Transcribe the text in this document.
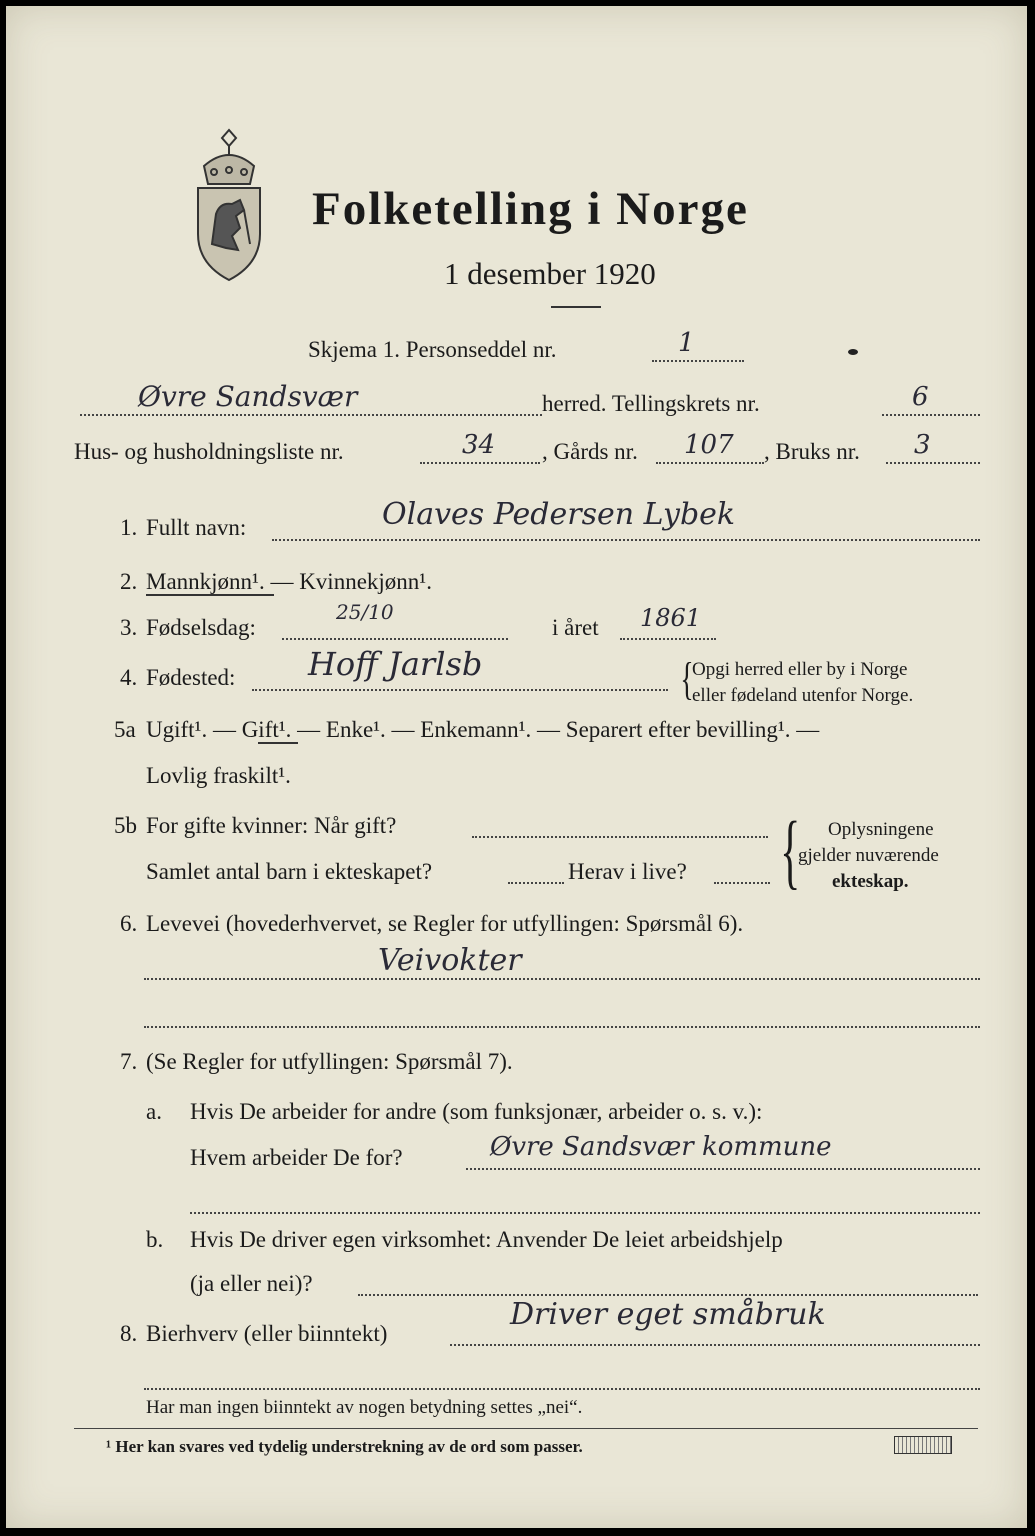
Folketelling i Norge
1 desember 1920
Skjema 1. Personseddel nr.	1
Øvre Sandsvær	herred. Tellingskrets nr.	6
Hus- og husholdningsliste nr.	34 , Gårds nr. 107 , Bruks nr. 3
1. Fullt navn:	Olaves Pedersen Lybek
2. Mannkjønn¹. — Kvinnekjønn¹.
3. Fødselsdag:
25/10
i året 1861
4. Fødested: Hoff Jarlsb	{
Opgi herred eller by i Norge
eller fødeland utenfor Norge.
5a Ugift¹. — Gift¹. — Enke¹. — Enkemann¹. — Separert efter bevilling¹. —
Lovlig fraskilt¹.
5b For gifte kvinner: Når gift?
Samlet antal barn i ekteskapet?	Herav i live? { Oplysningene
gjelder nuværende
ekteskap.
6. Levevei (hovederhvervet, se Regler for utfyllingen: Spørsmål 6).
Veivokter
7. (Se Regler for utfyllingen: Spørsmål 7).
a. Hvis De arbeider for andre (som funksjonær, arbeider o. s. v.):
Hvem arbeider De for?	Øvre Sandsvær kommune
b. Hvis De driver egen virksomhet: Anvender De leiet arbeidshjelp
(ja eller nei)?
8. Bierhverv (eller biinntekt)
Driver eget småbruk
Har man ingen biinntekt av nogen betydning settes „nei“.
¹ Her kan svares ved tydelig understrekning av de ord som passer.
